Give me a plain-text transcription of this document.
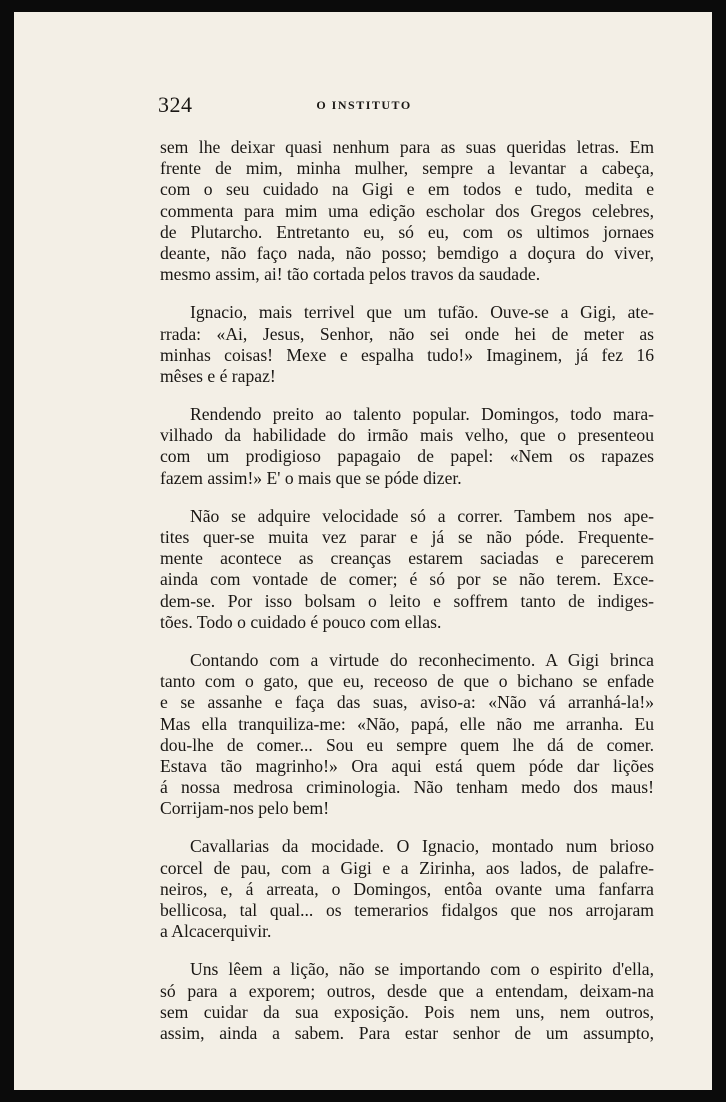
324	O INSTITUTO

sem lhe deixar quasi nenhum para as suas queridas letras. Em
frente de mim, minha mulher, sempre a levantar a cabeça,
com o seu cuidado na Gigi e em todos e tudo, medita e
commenta para mim uma edição escholar dos Gregos celebres,
de Plutarcho. Entretanto eu, só eu, com os ultimos jornaes
deante, não faço nada, não posso; bemdigo a doçura do viver,
mesmo assim, ai! tão cortada pelos travos da saudade.

Ignacio, mais terrivel que um tufão. Ouve-se a Gigi, ate-
rrada: «Ai, Jesus, Senhor, não sei onde hei de meter as
minhas coisas! Mexe e espalha tudo!» Imaginem, já fez 16
mêses e é rapaz!

Rendendo preito ao talento popular. Domingos, todo mara-
vilhado da habilidade do irmão mais velho, que o presenteou
com um prodigioso papagaio de papel: «Nem os rapazes
fazem assim!» E' o mais que se póde dizer.

Não se adquire velocidade só a correr. Tambem nos ape-
tites quer-se muita vez parar e já se não póde. Frequente-
mente acontece as creanças estarem saciadas e parecerem
ainda com vontade de comer; é só por se não terem. Exce-
dem-se. Por isso bolsam o leito e soffrem tanto de indiges-
tões. Todo o cuidado é pouco com ellas.

Contando com a virtude do reconhecimento. A Gigi brinca
tanto com o gato, que eu, receoso de que o bichano se enfade
e se assanhe e faça das suas, aviso-a: «Não vá arranhá-la!»
Mas ella tranquiliza-me: «Não, papá, elle não me arranha. Eu
dou-lhe de comer... Sou eu sempre quem lhe dá de comer.
Estava tão magrinho!» Ora aqui está quem póde dar lições
á nossa medrosa criminologia. Não tenham medo dos maus!
Corrijam-nos pelo bem!

Cavallarias da mocidade. O Ignacio, montado num brioso
corcel de pau, com a Gigi e a Zirinha, aos lados, de palafre-
neiros, e, á arreata, o Domingos, entôa ovante uma fanfarra
bellicosa, tal qual... os temerarios fidalgos que nos arrojaram
a Alcacerquivir.

Uns lêem a lição, não se importando com o espirito d'ella,
só para a exporem; outros, desde que a entendam, deixam-na
sem cuidar da sua exposição. Pois nem uns, nem outros,
assim, ainda a sabem. Para estar senhor de um assumpto,
